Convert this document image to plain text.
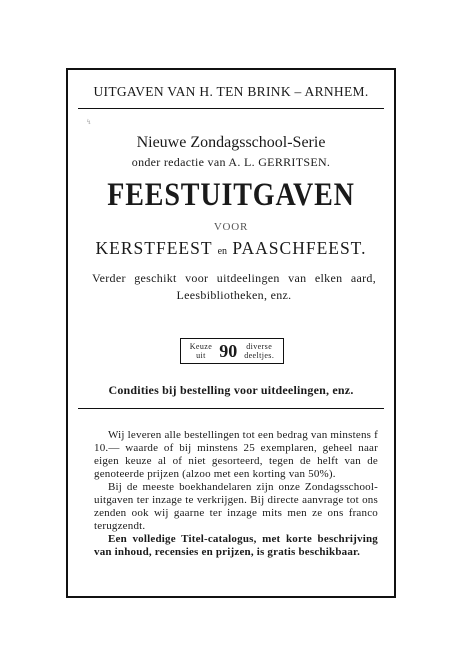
↯
UITGAVEN VAN H. TEN BRINK – ARNHEM.
Nieuwe Zondagsschool-Serie
onder redactie van A. L. GERRITSEN.
FEESTUITGAVEN
VOOR
KERSTFEEST en PAASCHFEEST.
Verder geschikt voor uitdeelingen van elken aard, Leesbibliotheken, enz.
Keuze
uit 90 diverse
deeltjes.
Condities bij bestelling voor uitdeelingen, enz.

Wij leveren alle bestellingen tot een bedrag van minstens f 10.— waarde of bij minstens 25 exemplaren, geheel naar eigen keuze al of niet gesorteerd, tegen de helft van de genoteerde prijzen (alzoo met een korting van 50%).

Bij de meeste boekhandelaren zijn onze Zondagsschool-uitgaven ter inzage te verkrijgen. Bij directe aanvrage tot ons zenden ook wij gaarne ter inzage mits men ze ons franco terugzendt.

Een volledige Titel-catalogus, met korte beschrijving van inhoud, recensies en prijzen, is gratis beschikbaar.
